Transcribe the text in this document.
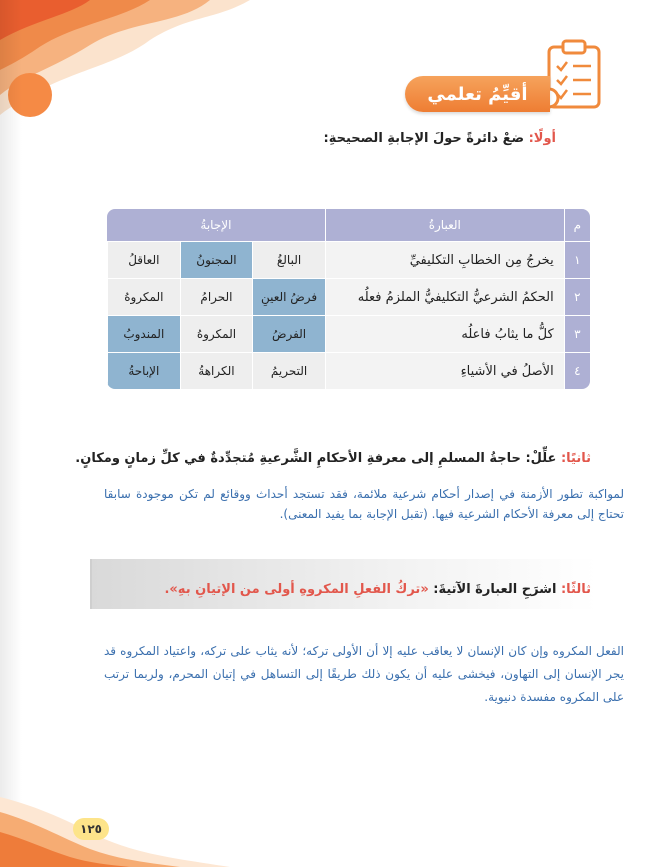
أقيِّمُ تعلمي
أولًا: ضعْ دائرةً حولَ الإجابةِ الصحيحةِ:
م	العبارةُ	الإجابةُ		
١	يخرجُ مِن الخطابِ التكليفيِّ	البالغُ	المجنونُ	العاقلُ
٢	الحكمُ الشرعيُّ التكليفيُّ الملزمُ فعلُه	فرضُ العينِ	الحرامُ	المكروهُ
٣	كلُّ ما يثابُ فاعلُه	الفرضُ	المكروهُ	المندوبُ
٤	الأصلُ في الأشياءِ	التحريمُ	الكراهةُ	الإباحةُ
ثانيًا: علِّلْ: حاجةُ المسلمِ إلى معرفةِ الأحكامِ الشَّرعيةِ مُتجدِّدةٌ في كلِّ زمانٍ ومكانٍ.
لمواكبة تطور الأزمنة في إصدار أحكام شرعية ملائمة، فقد تستجد أحداث ووقائع لم تكن موجودة سابقا تحتاج إلى معرفة الأحكام الشرعية فيها. (تقبل الإجابة بما يفيد المعنى).
ثالثًا: اشرَحِ العبارةَ الآتيةَ: «تركُ الفعلِ المكروهِ أولى من الإتيانِ بهِ».
الفعل المكروه وإن كان الإنسان لا يعاقب عليه إلا أن الأولى تركه؛ لأنه يثاب على تركه، واعتياد المكروه قد يجر الإنسان إلى التهاون، فيخشى عليه أن يكون ذلك طريقًا إلى التساهل في إتيان المحرم، ولربما ترتب على المكروه مفسدة دنيوية.
١٢٥
